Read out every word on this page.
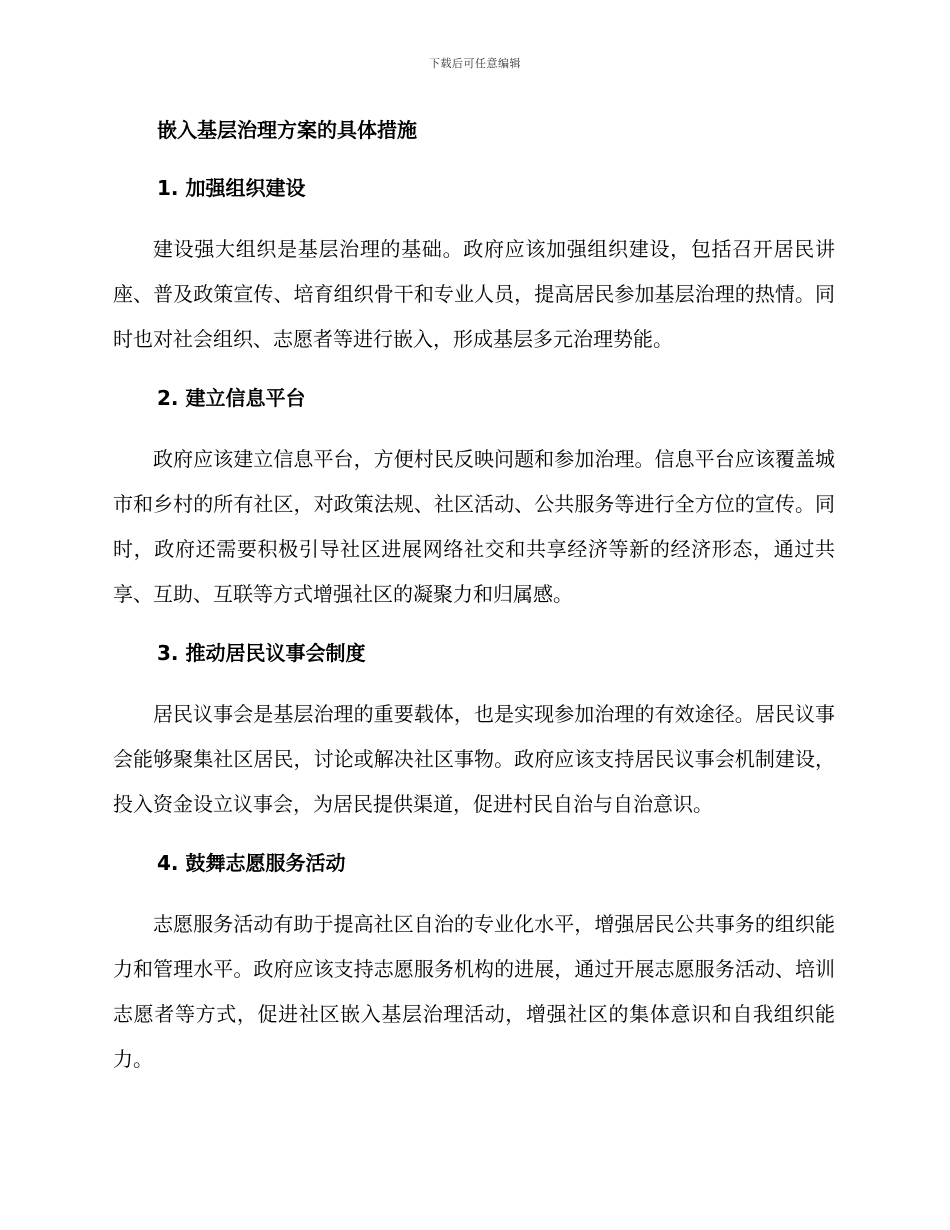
下载后可任意编辑
嵌入基层治理方案的具体措施
1. 加强组织建设

建设强大组织是基层治理的基础。政府应该加强组织建设，包括召开居民讲座、普及政策宣传、培育组织骨干和专业人员，提高居民参加基层治理的热情。同时也对社会组织、志愿者等进行嵌入，形成基层多元治理势能。

2. 建立信息平台

政府应该建立信息平台，方便村民反映问题和参加治理。信息平台应该覆盖城市和乡村的所有社区，对政策法规、社区活动、公共服务等进行全方位的宣传。同时，政府还需要积极引导社区进展网络社交和共享经济等新的经济形态，通过共享、互助、互联等方式增强社区的凝聚力和归属感。

3. 推动居民议事会制度

居民议事会是基层治理的重要载体，也是实现参加治理的有效途径。居民议事会能够聚集社区居民，讨论或解决社区事物。政府应该支持居民议事会机制建设，投入资金设立议事会，为居民提供渠道，促进村民自治与自治意识。

4. 鼓舞志愿服务活动

志愿服务活动有助于提高社区自治的专业化水平，增强居民公共事务的组织能力和管理水平。政府应该支持志愿服务机构的进展，通过开展志愿服务活动、培训志愿者等方式，促进社区嵌入基层治理活动，增强社区的集体意识和自我组织能力。
